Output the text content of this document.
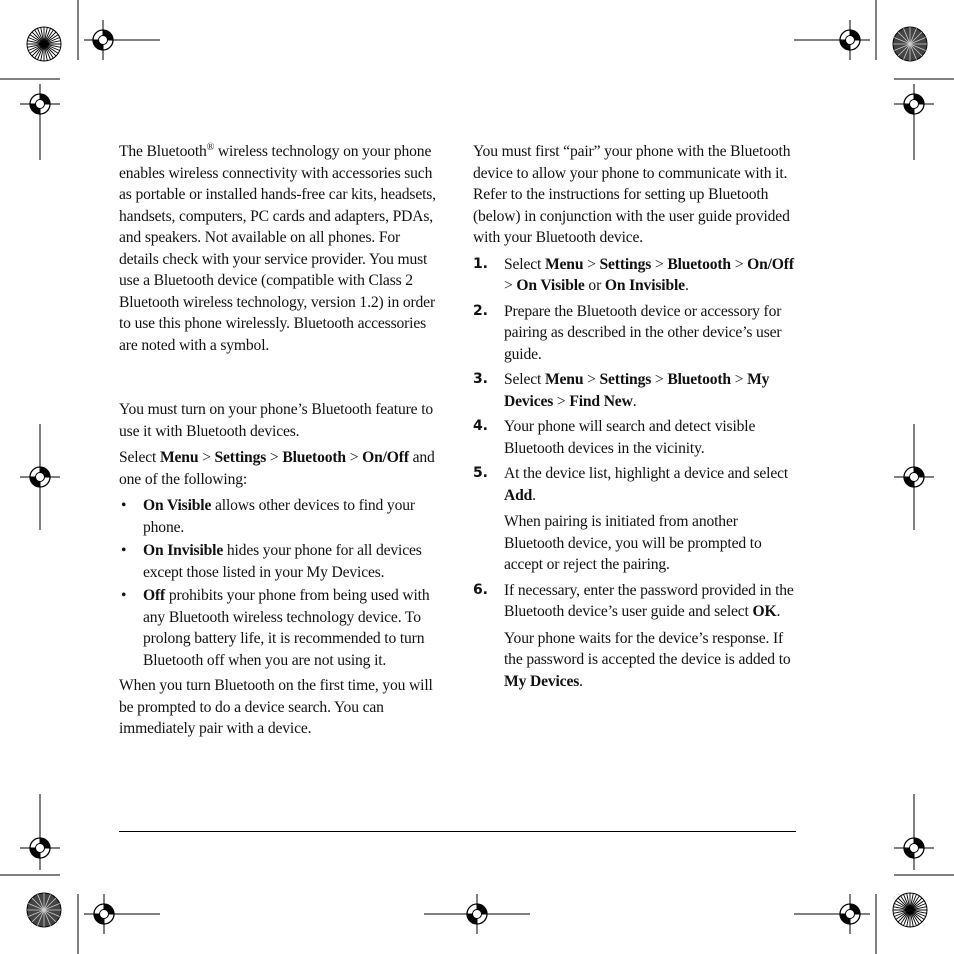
The Bluetooth® wireless technology on your phone enables wireless connectivity with accessories such as portable or installed hands-free car kits, headsets, handsets, computers, PC cards and adapters, PDAs, and speakers. Not available on all phones. For details check with your service provider. You must use a Bluetooth device (compatible with Class 2 Bluetooth wireless technology, version 1.2) in order to use this phone wirelessly. Bluetooth accessories are noted with a symbol.

You must turn on your phone’s Bluetooth feature to use it with Bluetooth devices.

Select Menu > Settings > Bluetooth > On/Off and one of the following:

• On Visible allows other devices to find your phone.
• On Invisible hides your phone for all devices except those listed in your My Devices.
• Off prohibits your phone from being used with any Bluetooth wireless technology device. To prolong battery life, it is recommended to turn Bluetooth off when you are not using it.

When you turn Bluetooth on the first time, you will be prompted to do a device search. You can immediately pair with a device.

You must first “pair” your phone with the Bluetooth device to allow your phone to communicate with it. Refer to the instructions for setting up Bluetooth (below) in conjunction with the user guide provided with your Bluetooth device.

1. Select Menu > Settings > Bluetooth > On/Off > On Visible or On Invisible.
2. Prepare the Bluetooth device or accessory for pairing as described in the other device’s user guide.
3. Select Menu > Settings > Bluetooth > My Devices > Find New.
4. Your phone will search and detect visible Bluetooth devices in the vicinity.
5. At the device list, highlight a device and select Add.
When pairing is initiated from another Bluetooth device, you will be prompted to accept or reject the pairing.
6. If necessary, enter the password provided in the Bluetooth device’s user guide and select OK.
Your phone waits for the device’s response. If the password is accepted the device is added to My Devices.
